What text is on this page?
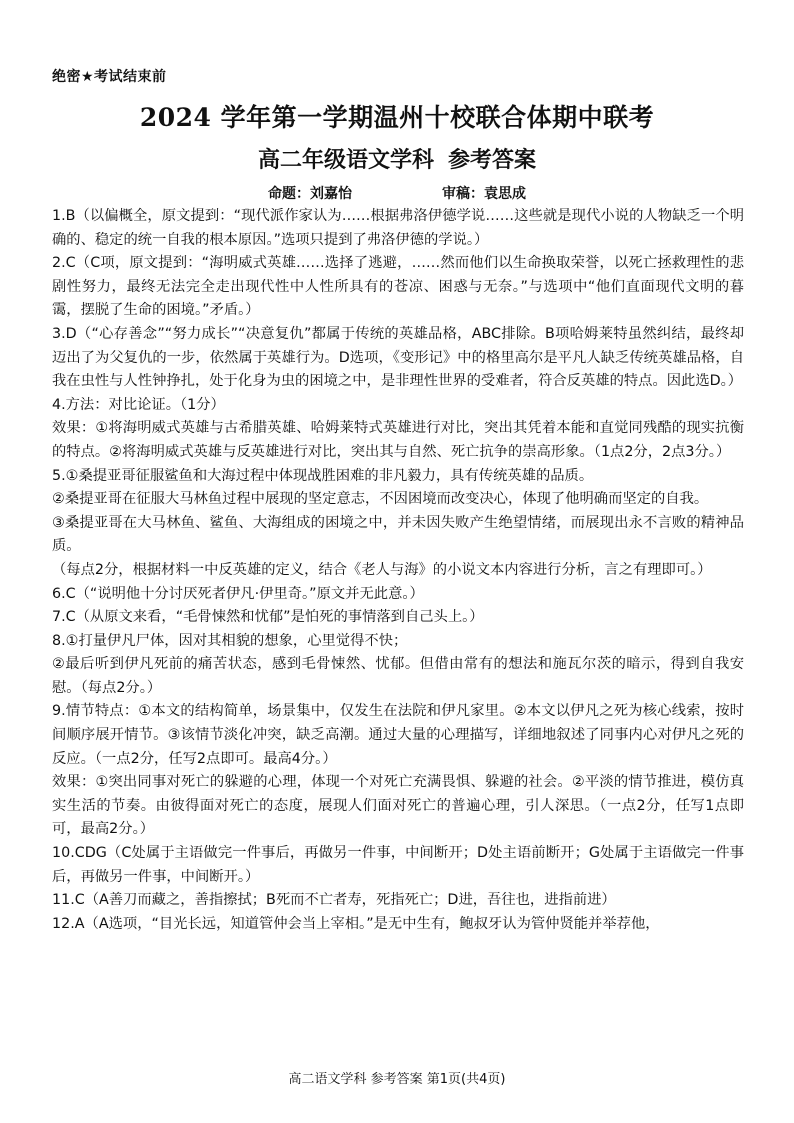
绝密★考试结束前
2024 学年第一学期温州十校联合体期中联考
高二年级语文学科 参考答案
命题：刘嘉怡	审稿：袁思成

1.B（以偏概全，原文提到：“现代派作家认为……根据弗洛伊德学说……这些就是现代小说的人物缺乏一个明确的、稳定的统一自我的根本原因。”选项只提到了弗洛伊德的学说。）

2.C（C项，原文提到：“海明威式英雄……选择了逃避，……然而他们以生命换取荣誉，以死亡拯救理性的悲剧性努力，最终无法完全走出现代性中人性所具有的苍凉、困惑与无奈。”与选项中“他们直面现代文明的暮霭，摆脱了生命的困境。”矛盾。）

3.D（“心存善念”“努力成长”“决意复仇”都属于传统的英雄品格，ABC排除。B项哈姆莱特虽然纠结，最终却迈出了为父复仇的一步，依然属于英雄行为。D选项，《变形记》中的格里高尔是平凡人缺乏传统英雄品格，自我在虫性与人性钟挣扎，处于化身为虫的困境之中，是非理性世界的受难者，符合反英雄的特点。因此选D。）

4.方法：对比论证。（1分）

效果：①将海明威式英雄与古希腊英雄、哈姆莱特式英雄进行对比，突出其凭着本能和直觉同残酷的现实抗衡的特点。②将海明威式英雄与反英雄进行对比，突出其与自然、死亡抗争的崇高形象。（1点2分，2点3分。）

5.①桑提亚哥征服鲨鱼和大海过程中体现战胜困难的非凡毅力，具有传统英雄的品质。

②桑提亚哥在征服大马林鱼过程中展现的坚定意志，不因困境而改变决心，体现了他明确而坚定的自我。

③桑提亚哥在大马林鱼、鲨鱼、大海组成的困境之中，并未因失败产生绝望情绪，而展现出永不言败的精神品质。

（每点2分，根据材料一中反英雄的定义，结合《老人与海》的小说文本内容进行分析，言之有理即可。）

6.C（“说明他十分讨厌死者伊凡·伊里奇。”原文并无此意。）

7.C（从原文来看，“毛骨悚然和忧郁”是怕死的事情落到自己头上。）

8.①打量伊凡尸体，因对其相貌的想象，心里觉得不快；

②最后听到伊凡死前的痛苦状态，感到毛骨悚然、忧郁。但借由常有的想法和施瓦尔茨的暗示，得到自我安慰。（每点2分。）

9.情节特点：①本文的结构简单，场景集中，仅发生在法院和伊凡家里。②本文以伊凡之死为核心线索，按时间顺序展开情节。③该情节淡化冲突，缺乏高潮。通过大量的心理描写，详细地叙述了同事内心对伊凡之死的反应。（一点2分，任写2点即可。最高4分。）

效果：①突出同事对死亡的躲避的心理，体现一个对死亡充满畏惧、躲避的社会。②平淡的情节推进，模仿真实生活的节奏。由彼得面对死亡的态度，展现人们面对死亡的普遍心理，引人深思。（一点2分，任写1点即可，最高2分。）

10.CDG（C处属于主语做完一件事后，再做另一件事，中间断开；D处主语前断开；G处属于主语做完一件事后，再做另一件事，中间断开。）

11.C（A善刀而藏之，善指擦拭；B死而不亡者寿，死指死亡；D进，吾往也，进指前进）

12.A（A选项，“目光长远，知道管仲会当上宰相。”是无中生有，鲍叔牙认为管仲贤能并举荐他，

高二语文学科 参考答案 第1页(共4页)
